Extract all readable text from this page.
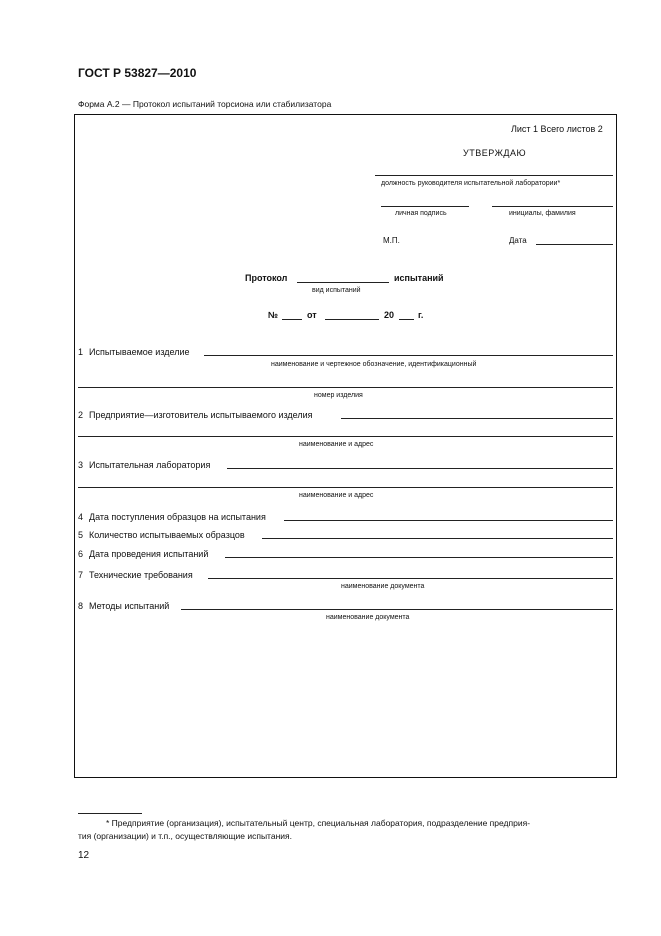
ГОСТ Р 53827—2010
Форма А.2 — Протокол испытаний торсиона или стабилизатора
Лист 1 Всего листов 2
УТВЕРЖДАЮ
должность руководителя испытательной лаборатории*
личная подпись	инициалы, фамилия
М.П.	Дата
Протокол	испытаний
вид испытаний
№	от	20	г.
1 Испытываемое изделие
наименование и чертежное обозначение, идентификационный
номер изделия
2 Предприятие—изготовитель испытываемого изделия
наименование и адрес
3 Испытательная лаборатория
наименование и адрес
4 Дата поступления образцов на испытания
5 Количество испытываемых образцов
6 Дата проведения испытаний
7 Технические требования
наименование документа
8 Методы испытаний
наименование документа
* Предприятие (организация), испытательный центр, специальная лаборатория, подразделение предприя-
тия (организации) и т.п., осуществляющие испытания.
12
